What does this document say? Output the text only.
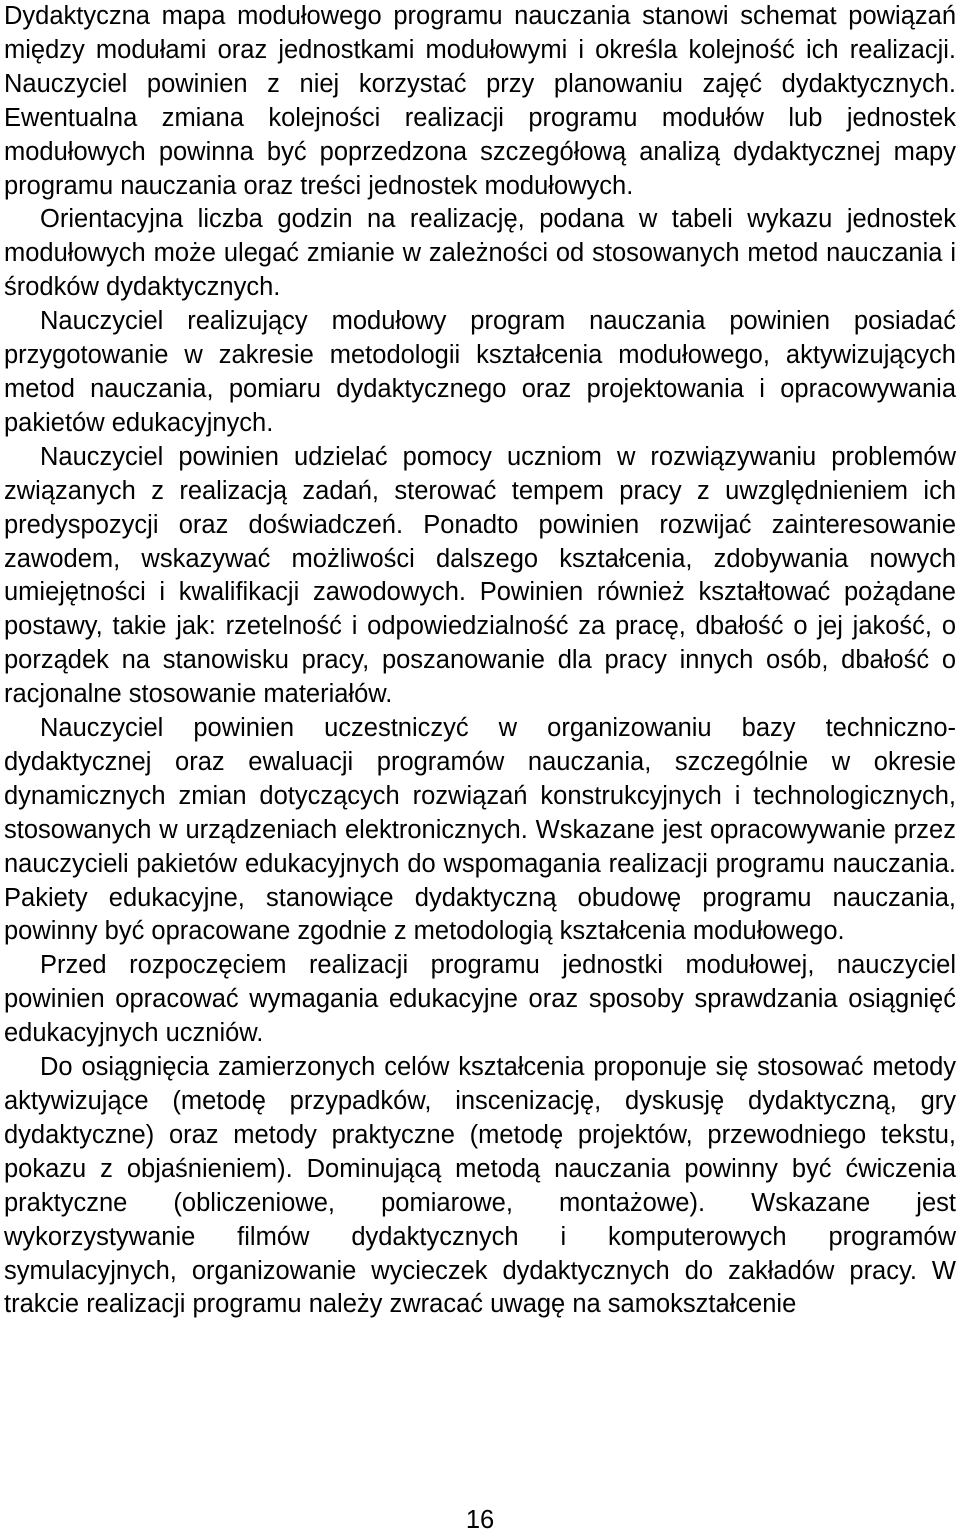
Dydaktyczna mapa modułowego programu nauczania stanowi schemat powiązań między modułami oraz jednostkami modułowymi i określa kolejność ich realizacji. Nauczyciel powinien z niej korzystać przy planowaniu zajęć dydaktycznych. Ewentualna zmiana kolejności realizacji programu modułów lub jednostek modułowych powinna być poprzedzona szczegółową analizą dydaktycznej mapy programu nauczania oraz treści jednostek modułowych.

Orientacyjna liczba godzin na realizację, podana w tabeli wykazu jednostek modułowych może ulegać zmianie w zależności od stosowanych metod nauczania i środków dydaktycznych.

Nauczyciel realizujący modułowy program nauczania powinien posiadać przygotowanie w zakresie metodologii kształcenia modułowego, aktywizujących metod nauczania, pomiaru dydaktycznego oraz projektowania i opracowywania pakietów edukacyjnych.

Nauczyciel powinien udzielać pomocy uczniom w rozwiązywaniu problemów związanych z realizacją zadań, sterować tempem pracy z uwzględnieniem ich predyspozycji oraz doświadczeń. Ponadto powinien rozwijać zainteresowanie zawodem, wskazywać możliwości dalszego kształcenia, zdobywania nowych umiejętności i kwalifikacji zawodowych. Powinien również kształtować pożądane postawy, takie jak: rzetelność i odpowiedzialność za pracę, dbałość o jej jakość, o porządek na stanowisku pracy, poszanowanie dla pracy innych osób, dbałość o racjonalne stosowanie materiałów.

Nauczyciel powinien uczestniczyć w organizowaniu bazy techniczno-dydaktycznej oraz ewaluacji programów nauczania, szczególnie w okresie dynamicznych zmian dotyczących rozwiązań konstrukcyjnych i technologicznych, stosowanych w urządzeniach elektronicznych. Wskazane jest opracowywanie przez nauczycieli pakietów edukacyjnych do wspomagania realizacji programu nauczania. Pakiety edukacyjne, stanowiące dydaktyczną obudowę programu nauczania, powinny być opracowane zgodnie z metodologią kształcenia modułowego.

Przed rozpoczęciem realizacji programu jednostki modułowej, nauczyciel powinien opracować wymagania edukacyjne oraz sposoby sprawdzania osiągnięć edukacyjnych uczniów.

Do osiągnięcia zamierzonych celów kształcenia proponuje się stosować metody aktywizujące (metodę przypadków, inscenizację, dyskusję dydaktyczną, gry dydaktyczne) oraz metody praktyczne (metodę projektów, przewodniego tekstu, pokazu z objaśnieniem). Dominującą metodą nauczania powinny być ćwiczenia praktyczne (obliczeniowe, pomiarowe, montażowe). Wskazane jest wykorzystywanie filmów dydaktycznych i komputerowych programów symulacyjnych, organizowanie wycieczek dydaktycznych do zakładów pracy. W trakcie realizacji programu należy zwracać uwagę na samokształcenie

16
